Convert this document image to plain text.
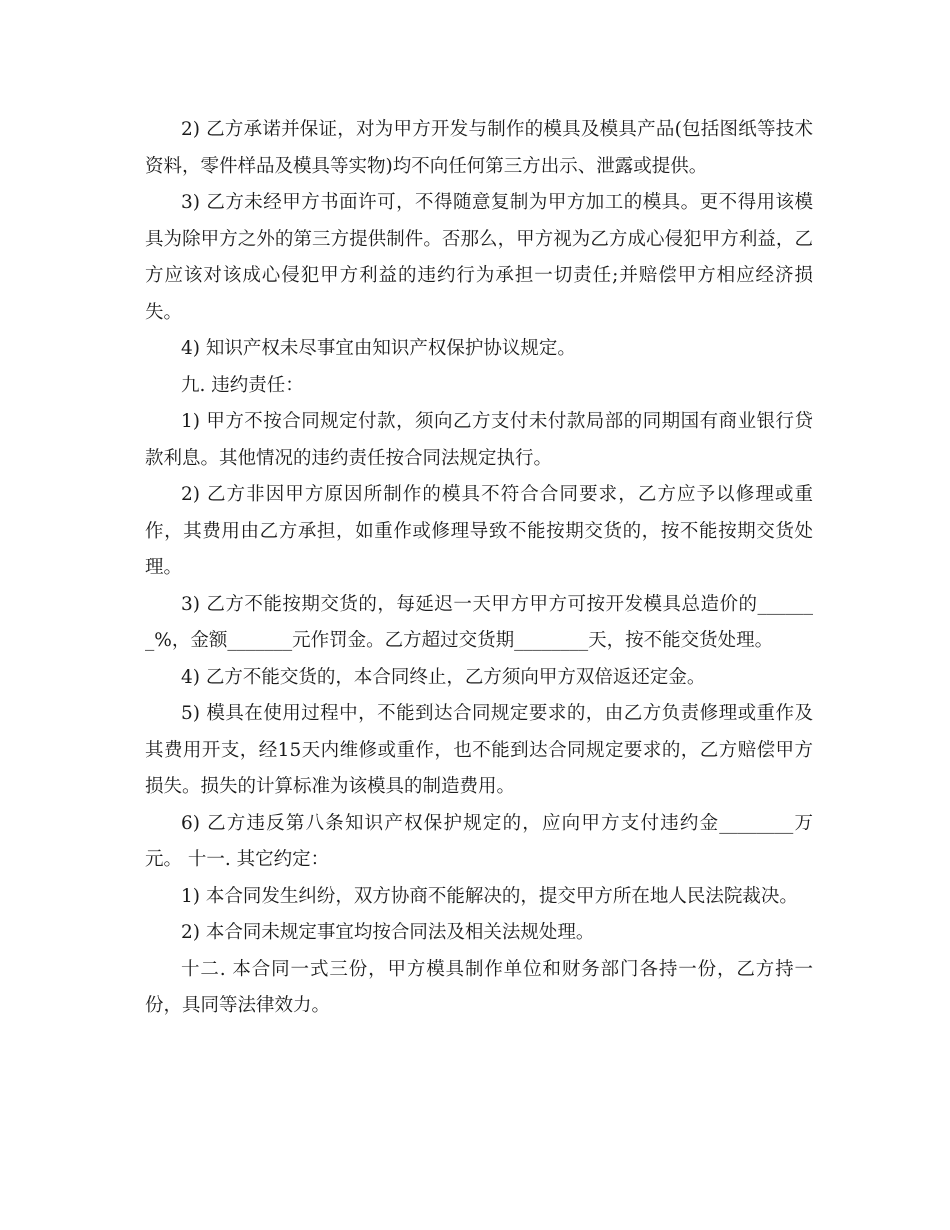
2) 乙方承诺并保证，对为甲方开发与制作的模具及模具产品(包括图纸等技术资料，零件样品及模具等实物)均不向任何第三方出示、泄露或提供。

3) 乙方未经甲方书面许可，不得随意复制为甲方加工的模具。更不得用该模具为除甲方之外的第三方提供制件。否那么，甲方视为乙方成心侵犯甲方利益，乙方应该对该成心侵犯甲方利益的违约行为承担一切责任;并赔偿甲方相应经济损失。

4) 知识产权未尽事宜由知识产权保护协议规定。

九. 违约责任：

1) 甲方不按合同规定付款，须向乙方支付未付款局部的同期国有商业银行贷款利息。其他情况的违约责任按合同法规定执行。

2) 乙方非因甲方原因所制作的模具不符合合同要求，乙方应予以修理或重作，其费用由乙方承担，如重作或修理导致不能按期交货的，按不能按期交货处理。

3) 乙方不能按期交货的，每延迟一天甲方甲方可按开发模具总造价的_______%，金额_______元作罚金。乙方超过交货期________天，按不能交货处理。

4) 乙方不能交货的，本合同终止，乙方须向甲方双倍返还定金。

5) 模具在使用过程中，不能到达合同规定要求的，由乙方负责修理或重作及其费用开支，经15天内维修或重作，也不能到达合同规定要求的，乙方赔偿甲方损失。损失的计算标准为该模具的制造费用。

6) 乙方违反第八条知识产权保护规定的，应向甲方支付违约金________万元。 十一. 其它约定：

1) 本合同发生纠纷，双方协商不能解决的，提交甲方所在地人民法院裁决。

2) 本合同未规定事宜均按合同法及相关法规处理。

十二. 本合同一式三份，甲方模具制作单位和财务部门各持一份，乙方持一份，具同等法律效力。
